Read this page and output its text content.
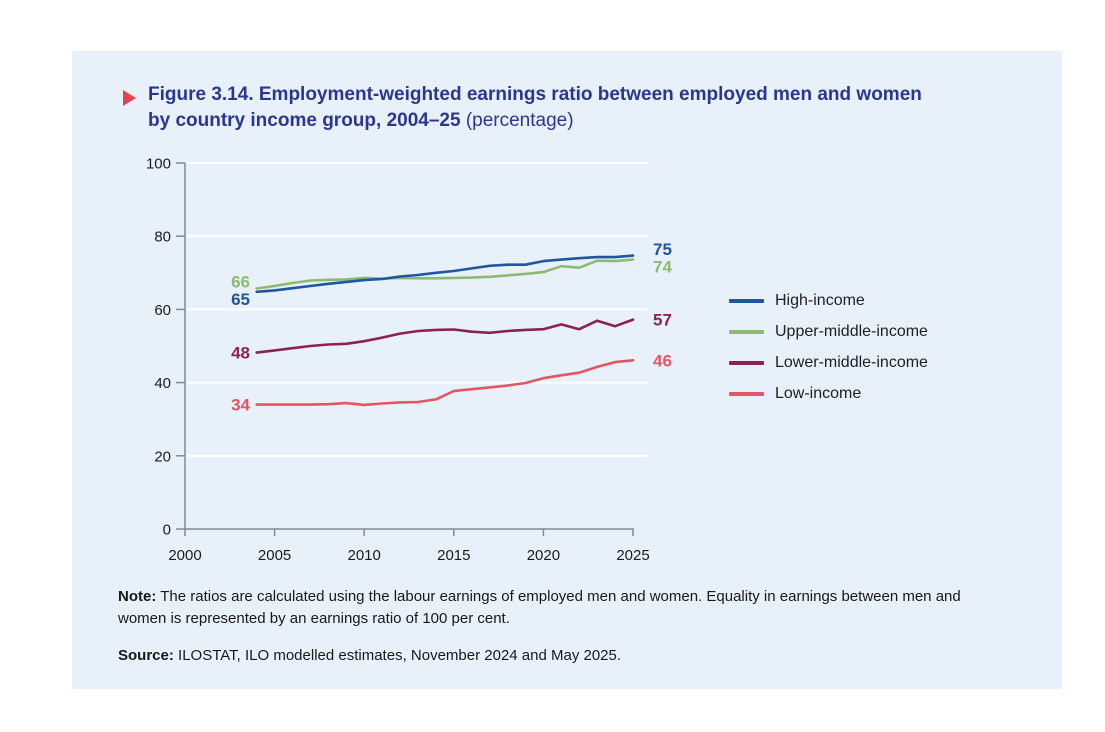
Figure 3.14. Employment-weighted earnings ratio between employed men and women by country income group, 2004–25 (percentage)
0
20
40
60
80
100
2000	2005	2010	2015	2020	2025
66
65
48
34
75
74
57
46
High-income
Upper-middle-income
Lower-middle-income
Low-income

Note: The ratios are calculated using the labour earnings of employed men and women. Equality in earnings between men and women is represented by an earnings ratio of 100 per cent.

Source: ILOSTAT, ILO modelled estimates, November 2024 and May 2025.
